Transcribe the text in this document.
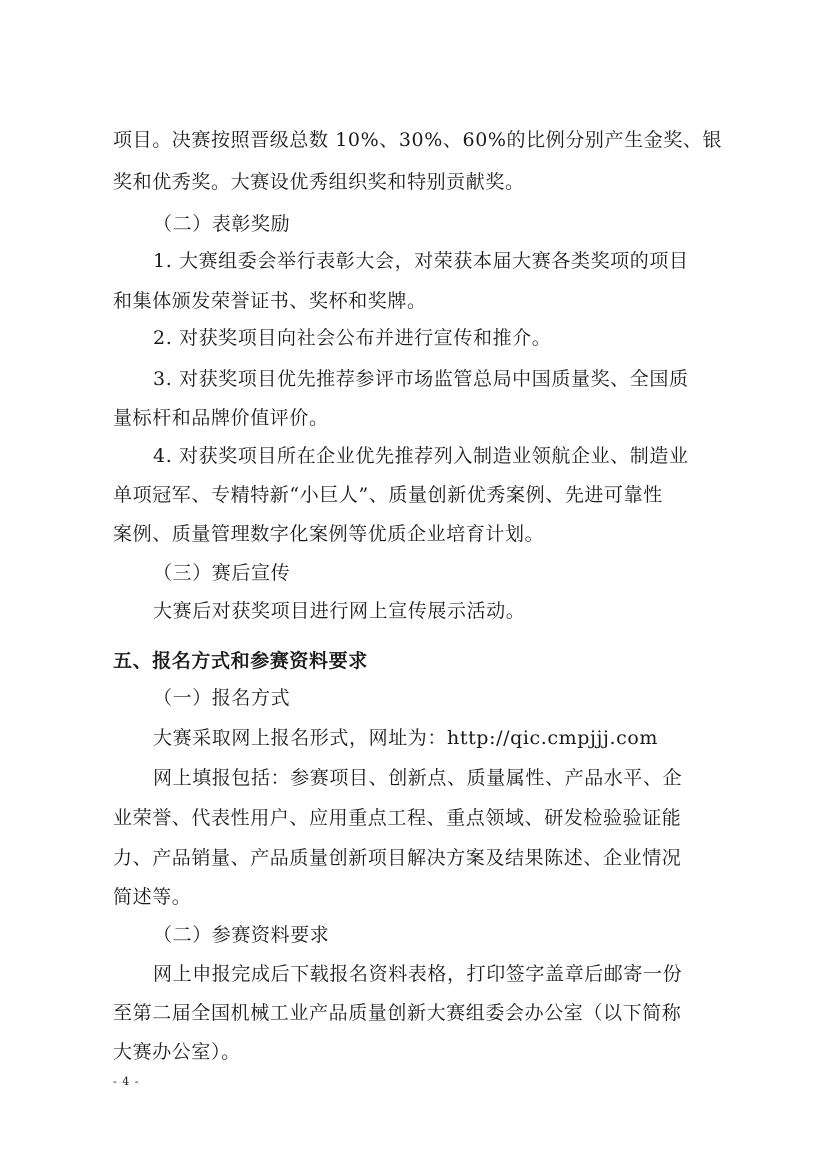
项目。决赛按照晋级总数 10%、30%、60%的比例分别产生金奖、银
奖和优秀奖。大赛设优秀组织奖和特别贡献奖。
（二）表彰奖励
1. 大赛组委会举行表彰大会，对荣获本届大赛各类奖项的项目
和集体颁发荣誉证书、奖杯和奖牌。
2. 对获奖项目向社会公布并进行宣传和推介。
3. 对获奖项目优先推荐参评市场监管总局中国质量奖、全国质
量标杆和品牌价值评价。
4. 对获奖项目所在企业优先推荐列入制造业领航企业、制造业
单项冠军、专精特新“小巨人”、质量创新优秀案例、先进可靠性
案例、质量管理数字化案例等优质企业培育计划。
（三）赛后宣传
大赛后对获奖项目进行网上宣传展示活动。
五、报名方式和参赛资料要求
（一）报名方式
大赛采取网上报名形式，网址为：http://qic.cmpjjj.com
网上填报包括：参赛项目、创新点、质量属性、产品水平、企
业荣誉、代表性用户、应用重点工程、重点领域、研发检验验证能
力、产品销量、产品质量创新项目解决方案及结果陈述、企业情况
简述等。
（二）参赛资料要求
网上申报完成后下载报名资料表格，打印签字盖章后邮寄一份
至第二届全国机械工业产品质量创新大赛组委会办公室（以下简称
大赛办公室）。
- 4 -
